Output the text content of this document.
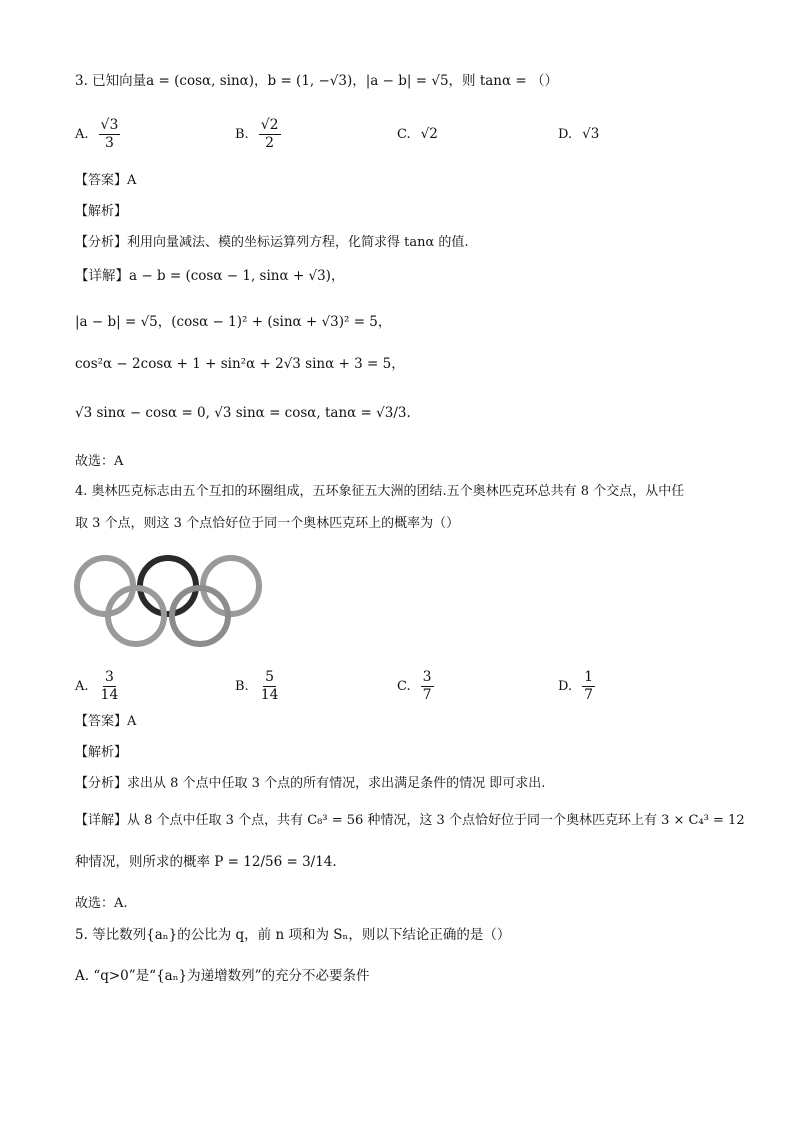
3. 已知向量a = (cosα, sinα)，b = (1, −√3)，|a − b| = √5，则 tanα = （）
A. $\frac{√3}{3}$	B. $\frac{√2}{2}$	C. √2	D. √3
【答案】A
【解析】
【分析】利用向量减法、模的坐标运算列方程，化简求得 tanα 的值.
【详解】a − b = (cosα − 1, sinα + √3)，
|a − b| = √5，(cosα − 1)² + (sinα + √3)² = 5，
cos²α − 2cosα + 1 + sin²α + 2√3 sinα + 3 = 5，
√3 sinα − cosα = 0, √3 sinα = cosα, tanα = √3/3.
故选：A
4. 奥林匹克标志由五个互扣的环圈组成，五环象征五大洲的团结.五个奥林匹克环总共有 8 个交点，从中任
取 3 个点，则这 3 个点恰好位于同一个奥林匹克环上的概率为（）
A. $\frac{3}{14}$	B. $\frac{5}{14}$	C. $\frac{3}{7}$	D. $\frac{1}{7}$
【答案】A
【解析】
【分析】求出从 8 个点中任取 3 个点的所有情况，求出满足条件的情况 即可求出.
【详解】从 8 个点中任取 3 个点，共有 C₈³ = 56 种情况，这 3 个点恰好位于同一个奥林匹克环上有 3 × C₄³ = 12
种情况，则所求的概率 P = 12/56 = 3/14.
故选：A.
5. 等比数列{aₙ}的公比为 q，前 n 项和为 Sₙ，则以下结论正确的是（）
A. “q>0”是“{aₙ}为递增数列”的充分不必要条件
